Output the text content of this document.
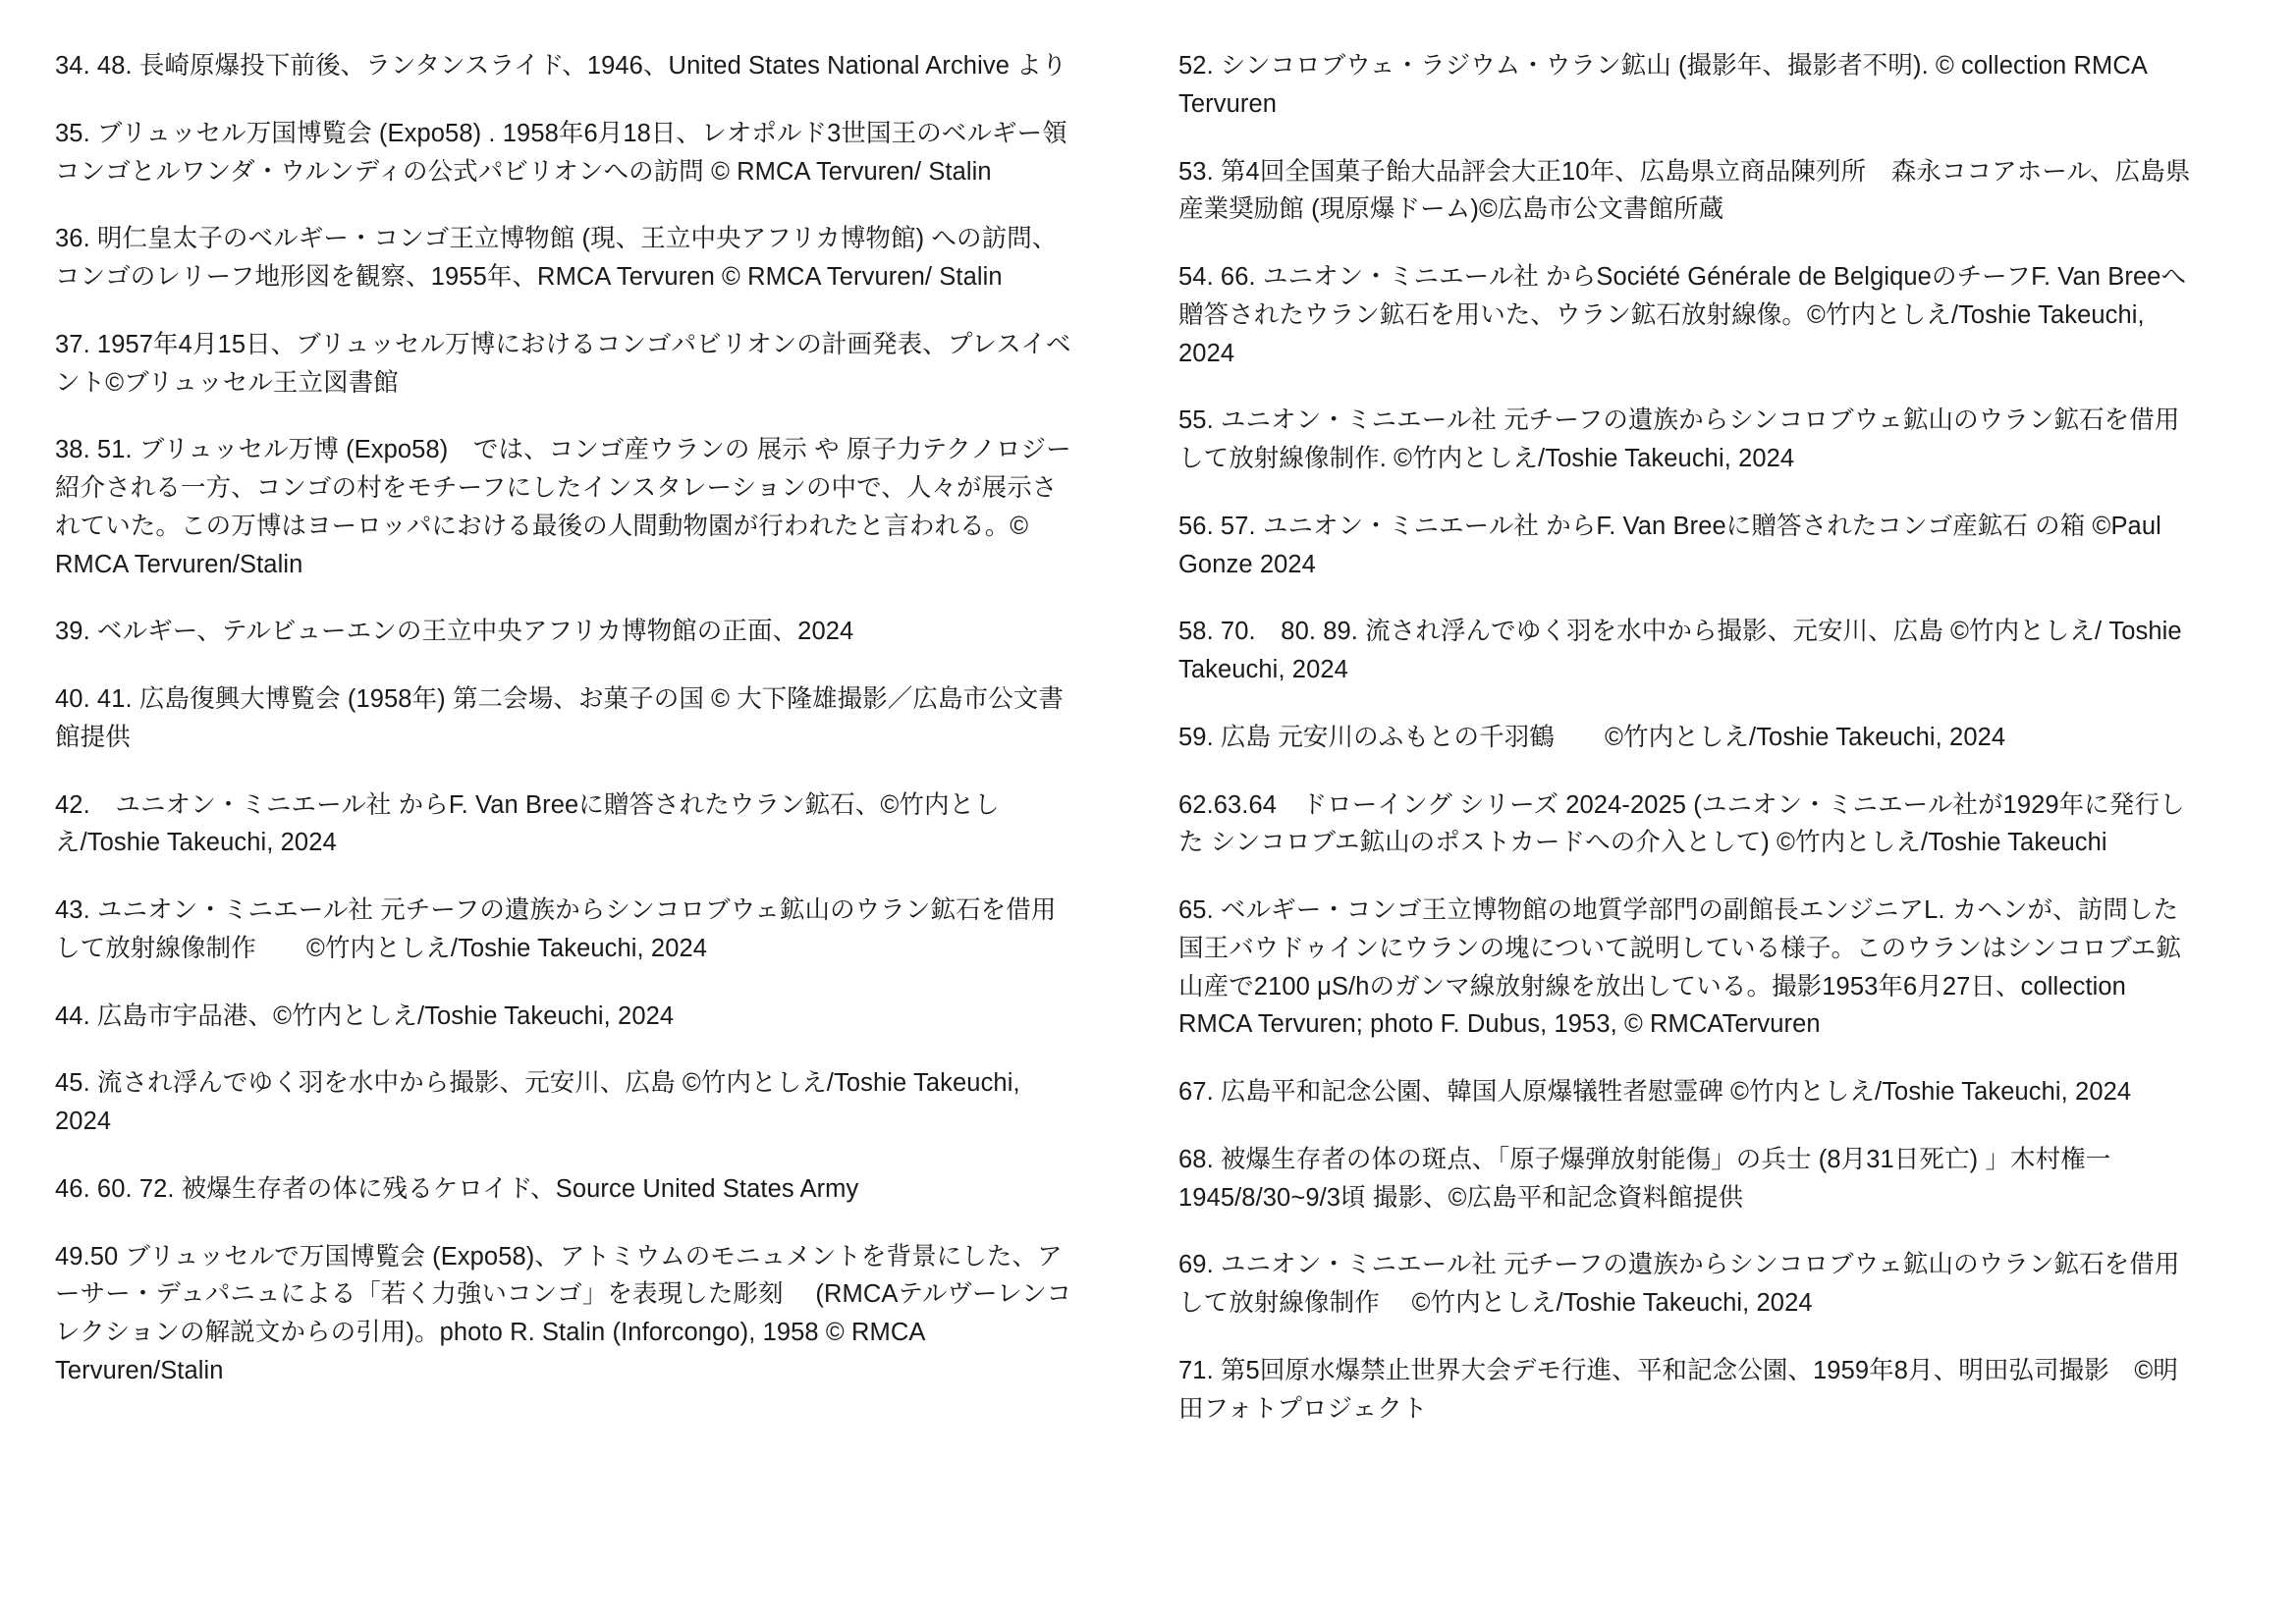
34. 48. 長崎原爆投下前後、ランタンスライド、1946、United States National Archive より

35. ブリュッセル万国博覧会 (Expo58) . 1958年6月18日、レオポルド3世国王のベルギー領コンゴとルワンダ・ウルンディの公式パビリオンへの訪問 © RMCA Tervuren/ Stalin

36. 明仁皇太子のベルギー・コンゴ王立博物館 (現、王立中央アフリカ博物館) への訪問、コンゴのレリーフ地形図を観察、1955年、RMCA Tervuren © RMCA Tervuren/ Stalin

37. 1957年4月15日、ブリュッセル万博におけるコンゴパビリオンの計画発表、プレスイベント©ブリュッセル王立図書館

38. 51. ブリュッセル万博 (Expo58)　では、コンゴ産ウランの 展示 や 原子力テクノロジー紹介される一方、コンゴの村をモチーフにしたインスタレーションの中で、人々が展示されていた。この万博はヨーロッパにおける最後の人間動物園が行われたと言われる。© RMCA Tervuren/Stalin

39. ベルギー、テルビューエンの王立中央アフリカ博物館の正面、2024

40. 41. 広島復興大博覧会 (1958年) 第二会場、お菓子の国 © 大下隆雄撮影／広島市公文書館提供

42.　ユニオン・ミニエール社 からF. Van Breeに贈答されたウラン鉱石、©竹内としえ/Toshie Takeuchi, 2024

43. ユニオン・ミニエール社 元チーフの遺族からシンコロブウェ鉱山のウラン鉱石を借用して放射線像制作　　©竹内としえ/Toshie Takeuchi, 2024

44. 広島市宇品港、©竹内としえ/Toshie Takeuchi, 2024

45. 流され浮んでゆく羽を水中から撮影、元安川、広島 ©竹内としえ/Toshie Takeuchi, 2024

46. 60. 72. 被爆生存者の体に残るケロイド、Source United States Army

49.50 ブリュッセルで万国博覧会 (Expo58)、アトミウムのモニュメントを背景にした、アーサー・デュパニュによる「若く力強いコンゴ」を表現した彫刻　 (RMCAテルヴーレンコレクションの解説文からの引用)。photo R. Stalin (Inforcongo), 1958 © RMCA Tervuren/Stalin

52. シンコロブウェ・ラジウム・ウラン鉱山 (撮影年、撮影者不明). © collection RMCA Tervuren

53. 第4回全国菓子飴大品評会大正10年、広島県立商品陳列所　森永ココアホール、広島県産業奨励館 (現原爆ドーム)©広島市公文書館所蔵

54. 66. ユニオン・ミニエール社 からSociété Générale de BelgiqueのチーフF. Van Breeへ贈答されたウラン鉱石を用いた、ウラン鉱石放射線像。©竹内としえ/Toshie Takeuchi, 2024

55. ユニオン・ミニエール社 元チーフの遺族からシンコロブウェ鉱山のウラン鉱石を借用して放射線像制作. ©竹内としえ/Toshie Takeuchi, 2024

56. 57. ユニオン・ミニエール社 からF. Van Breeに贈答されたコンゴ産鉱石 の箱 ©Paul Gonze 2024

58. 70.　80. 89. 流され浮んでゆく羽を水中から撮影、元安川、広島 ©竹内としえ/ Toshie Takeuchi, 2024

59. 広島 元安川のふもとの千羽鶴　　©竹内としえ/Toshie Takeuchi, 2024

62.63.64　ドローイング シリーズ 2024-2025 (ユニオン・ミニエール社が1929年に発行した シンコロブエ鉱山のポストカードへの介入として) ©竹内としえ/Toshie Takeuchi

65. ベルギー・コンゴ王立博物館の地質学部門の副館長エンジニアL. カヘンが、訪問した国王バウドゥインにウランの塊について説明している様子。このウランはシンコロブエ鉱山産で2100 μS/hのガンマ線放射線を放出している。撮影1953年6月27日、collection RMCA Tervuren; photo F. Dubus, 1953, © RMCATervuren

67. 広島平和記念公園、韓国人原爆犠牲者慰霊碑 ©竹内としえ/Toshie Takeuchi, 2024

68. 被爆生存者の体の斑点、「原子爆弾放射能傷」の兵士 (8月31日死亡) 」木村権一 1945/8/30~9/3頃 撮影、©広島平和記念資料館提供

69. ユニオン・ミニエール社 元チーフの遺族からシンコロブウェ鉱山のウラン鉱石を借用して放射線像制作　 ©竹内としえ/Toshie Takeuchi, 2024

71. 第5回原水爆禁止世界大会デモ行進、平和記念公園、1959年8月、明田弘司撮影　©明田フォトプロジェクト
